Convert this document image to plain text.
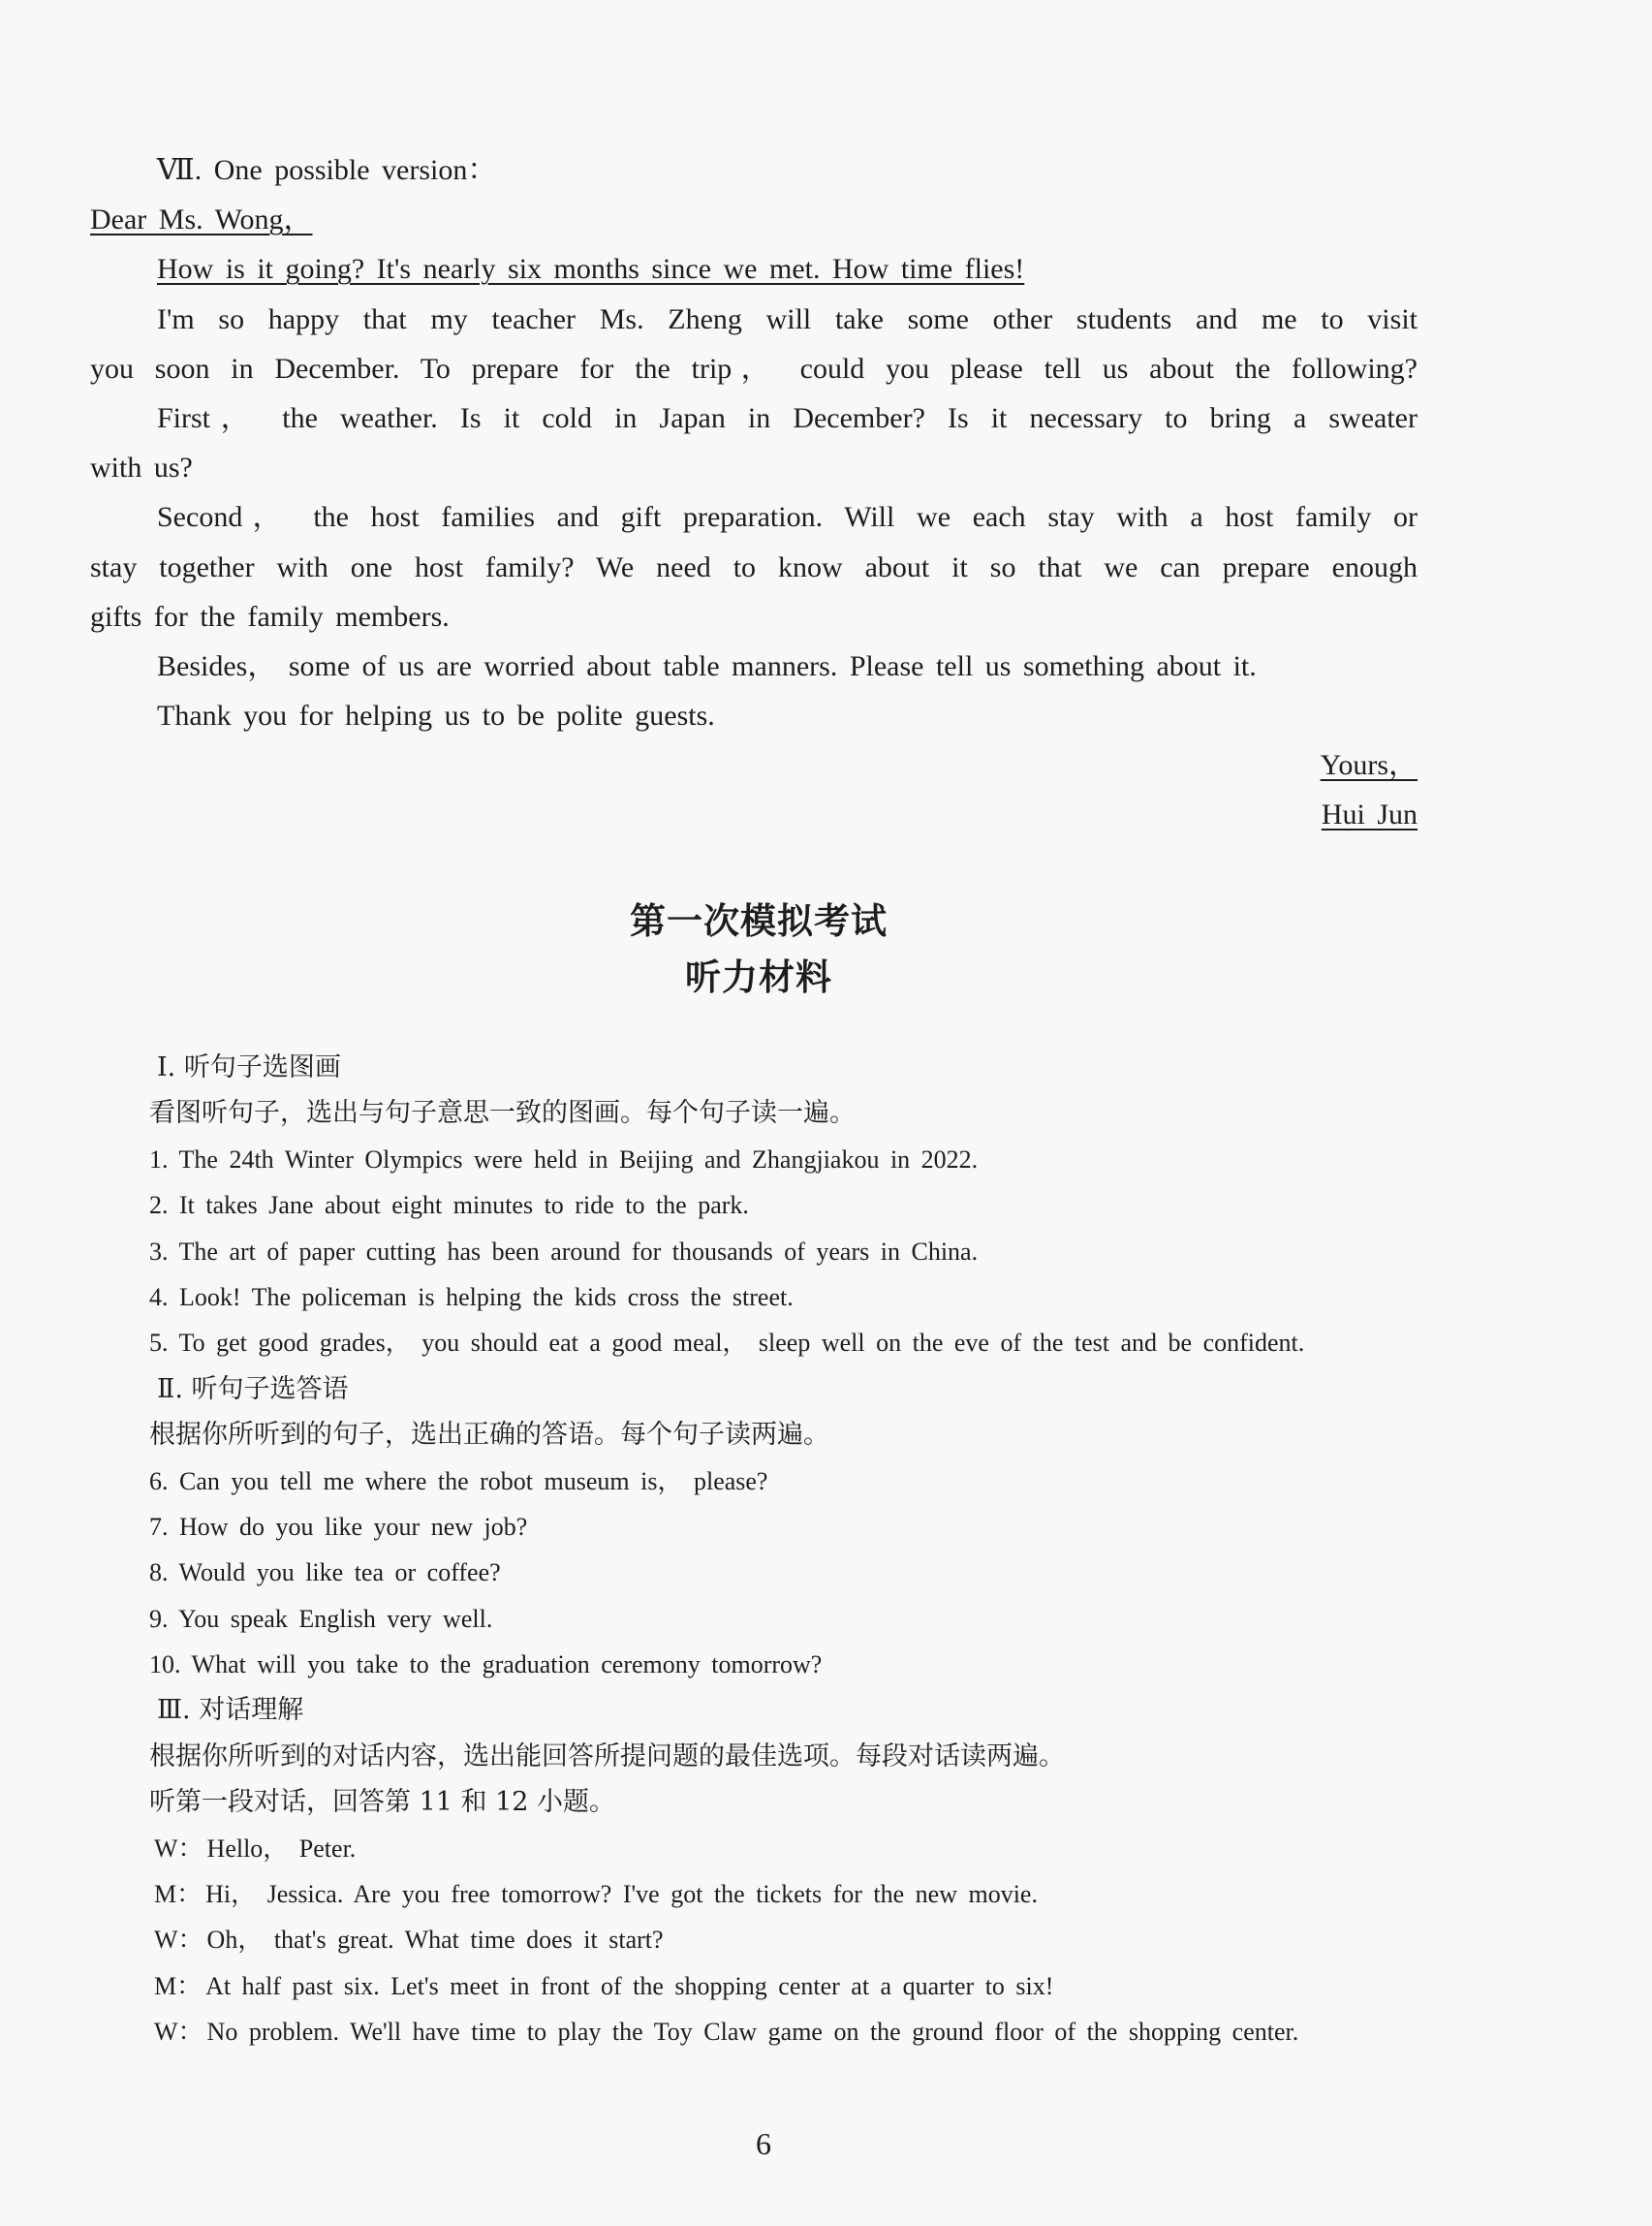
Ⅶ. One possible version：
Dear Ms. Wong，
How is it going? It's nearly six months since we met. How time flies!
I'm so happy that my teacher Ms. Zheng will take some other students and me to visit
you soon in December. To prepare for the trip， could you please tell us about the following?
First， the weather. Is it cold in Japan in December? Is it necessary to bring a sweater
with us?
Second， the host families and gift preparation. Will we each stay with a host family or
stay together with one host family? We need to know about it so that we can prepare enough
gifts for the family members.
Besides， some of us are worried about table manners. Please tell us something about it.
Thank you for helping us to be polite guests.
Yours，
Hui Jun
第一次模拟考试
听力材料
Ⅰ. 听句子选图画
看图听句子，选出与句子意思一致的图画。每个句子读一遍。
1. The 24th Winter Olympics were held in Beijing and Zhangjiakou in 2022.
2. It takes Jane about eight minutes to ride to the park.
3. The art of paper cutting has been around for thousands of years in China.
4. Look! The policeman is helping the kids cross the street.
5. To get good grades， you should eat a good meal， sleep well on the eve of the test and be confident.
Ⅱ. 听句子选答语
根据你所听到的句子，选出正确的答语。每个句子读两遍。
6. Can you tell me where the robot museum is， please?
7. How do you like your new job?
8. Would you like tea or coffee?
9. You speak English very well.
10. What will you take to the graduation ceremony tomorrow?
Ⅲ. 对话理解
根据你所听到的对话内容，选出能回答所提问题的最佳选项。每段对话读两遍。
听第一段对话，回答第 11 和 12 小题。
W： Hello， Peter.
M： Hi， Jessica. Are you free tomorrow? I've got the tickets for the new movie.
W： Oh， that's great. What time does it start?
M： At half past six. Let's meet in front of the shopping center at a quarter to six!
W： No problem. We'll have time to play the Toy Claw game on the ground floor of the shopping center.
6
